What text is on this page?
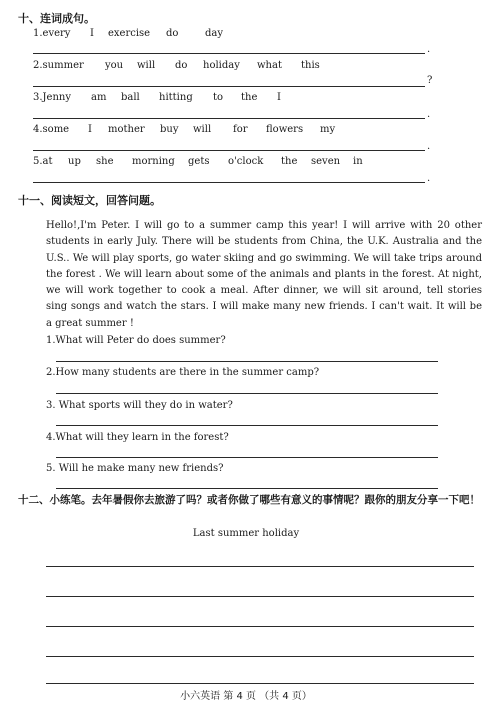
十、连词成句。
1.every I exercise do	day
.
2.summer you will do holiday what this
?
3.Jenny am ball hitting to the I
.
4.some I mother buy will for flowers my
.
5.at up she morning gets o'clock the seven in
.
十一、阅读短文，回答问题。
Hello!,I'm Peter. I will go to a summer camp this year! I will arrive with 20 other students in early July. There will be students from China, the U.K. Australia and the U.S.. We will play sports, go water skiing and go swimming. We will take trips around the forest . We will learn about some of the animals and plants in the forest. At night, we will work together to cook a meal. After dinner, we will sit around, tell stories sing songs and watch the stars. I will make many new friends. I can't wait. It will be a great summer !
1.What will Peter do does summer?
2.How many students are there in the summer camp?
3. What sports will they do in water?
4.What will they learn in the forest?
5. Will he make many new friends?
十二、小练笔。去年暑假你去旅游了吗？或者你做了哪些有意义的事情呢？跟你的朋友分享一下吧！
Last summer holiday
小六英语 第 4 页 （共 4 页）
